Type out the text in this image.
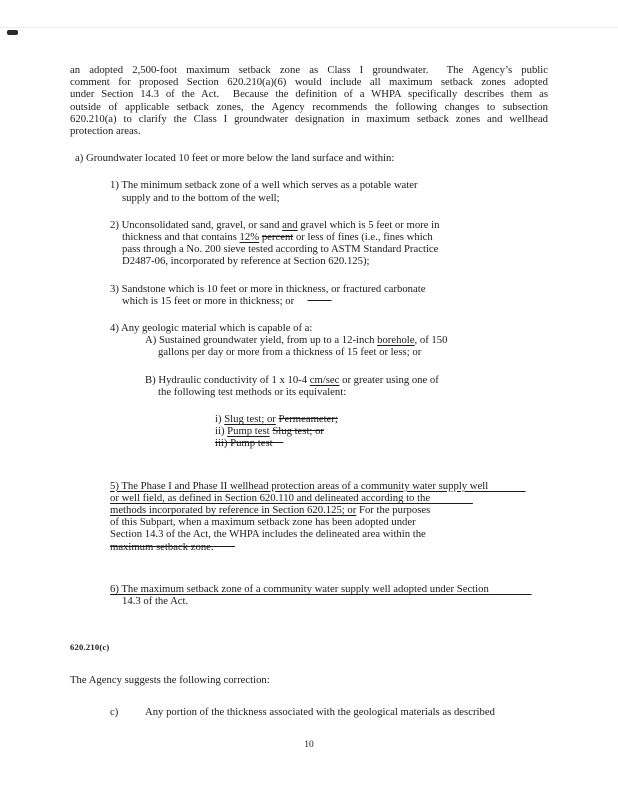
an adopted 2,500-foot maximum setback zone as Class I groundwater.  The Agency’s public
comment for proposed Section 620.210(a)(6) would include all maximum setback zones adopted
under Section 14.3 of the Act.  Because the definition of a WHPA specifically describes them as
outside of applicable setback zones, the Agency recommends the following changes to subsection
620.210(a) to clarify the Class I groundwater designation in maximum setback zones and wellhead
protection areas.
a) Groundwater located 10 feet or more below the land surface and within:
1) The minimum setback zone of a well which serves as a potable water
supply and to the bottom of the well;
2) Unconsolidated sand, gravel, or sand and gravel which is 5 feet or more in
thickness and that contains 12% percent or less of fines (i.e., fines which
pass through a No. 200 sieve tested according to ASTM Standard Practice
D2487-06, incorporated by reference at Section 620.125);
3) Sandstone which is 10 feet or more in thickness, or fractured carbonate
which is 15 feet or more in thickness; or
4) Any geologic material which is capable of a:
A) Sustained groundwater yield, from up to a 12-inch borehole, of 150
gallons per day or more from a thickness of 15 feet or less; or
B) Hydraulic conductivity of 1 x 10-4 cm/sec or greater using one of
the following test methods or its equivalent:
i) Slug test; or Permeameter;
ii) Pump test Slug test; or
iii) Pump test
5) The Phase I and Phase II wellhead protection areas of a community water supply well
or well field, as defined in Section 620.110 and delineated according to the
methods incorporated by reference in Section 620.125; or For the purposes
of this Subpart, when a maximum setback zone has been adopted under
Section 14.3 of the Act, the WHPA includes the delineated area within the
maximum setback zone.
6) The maximum setback zone of a community water supply well adopted under Section
14.3 of the Act.
620.210(c)
The Agency suggests the following correction:
c) Any portion of the thickness associated with the geological materials as described
10
